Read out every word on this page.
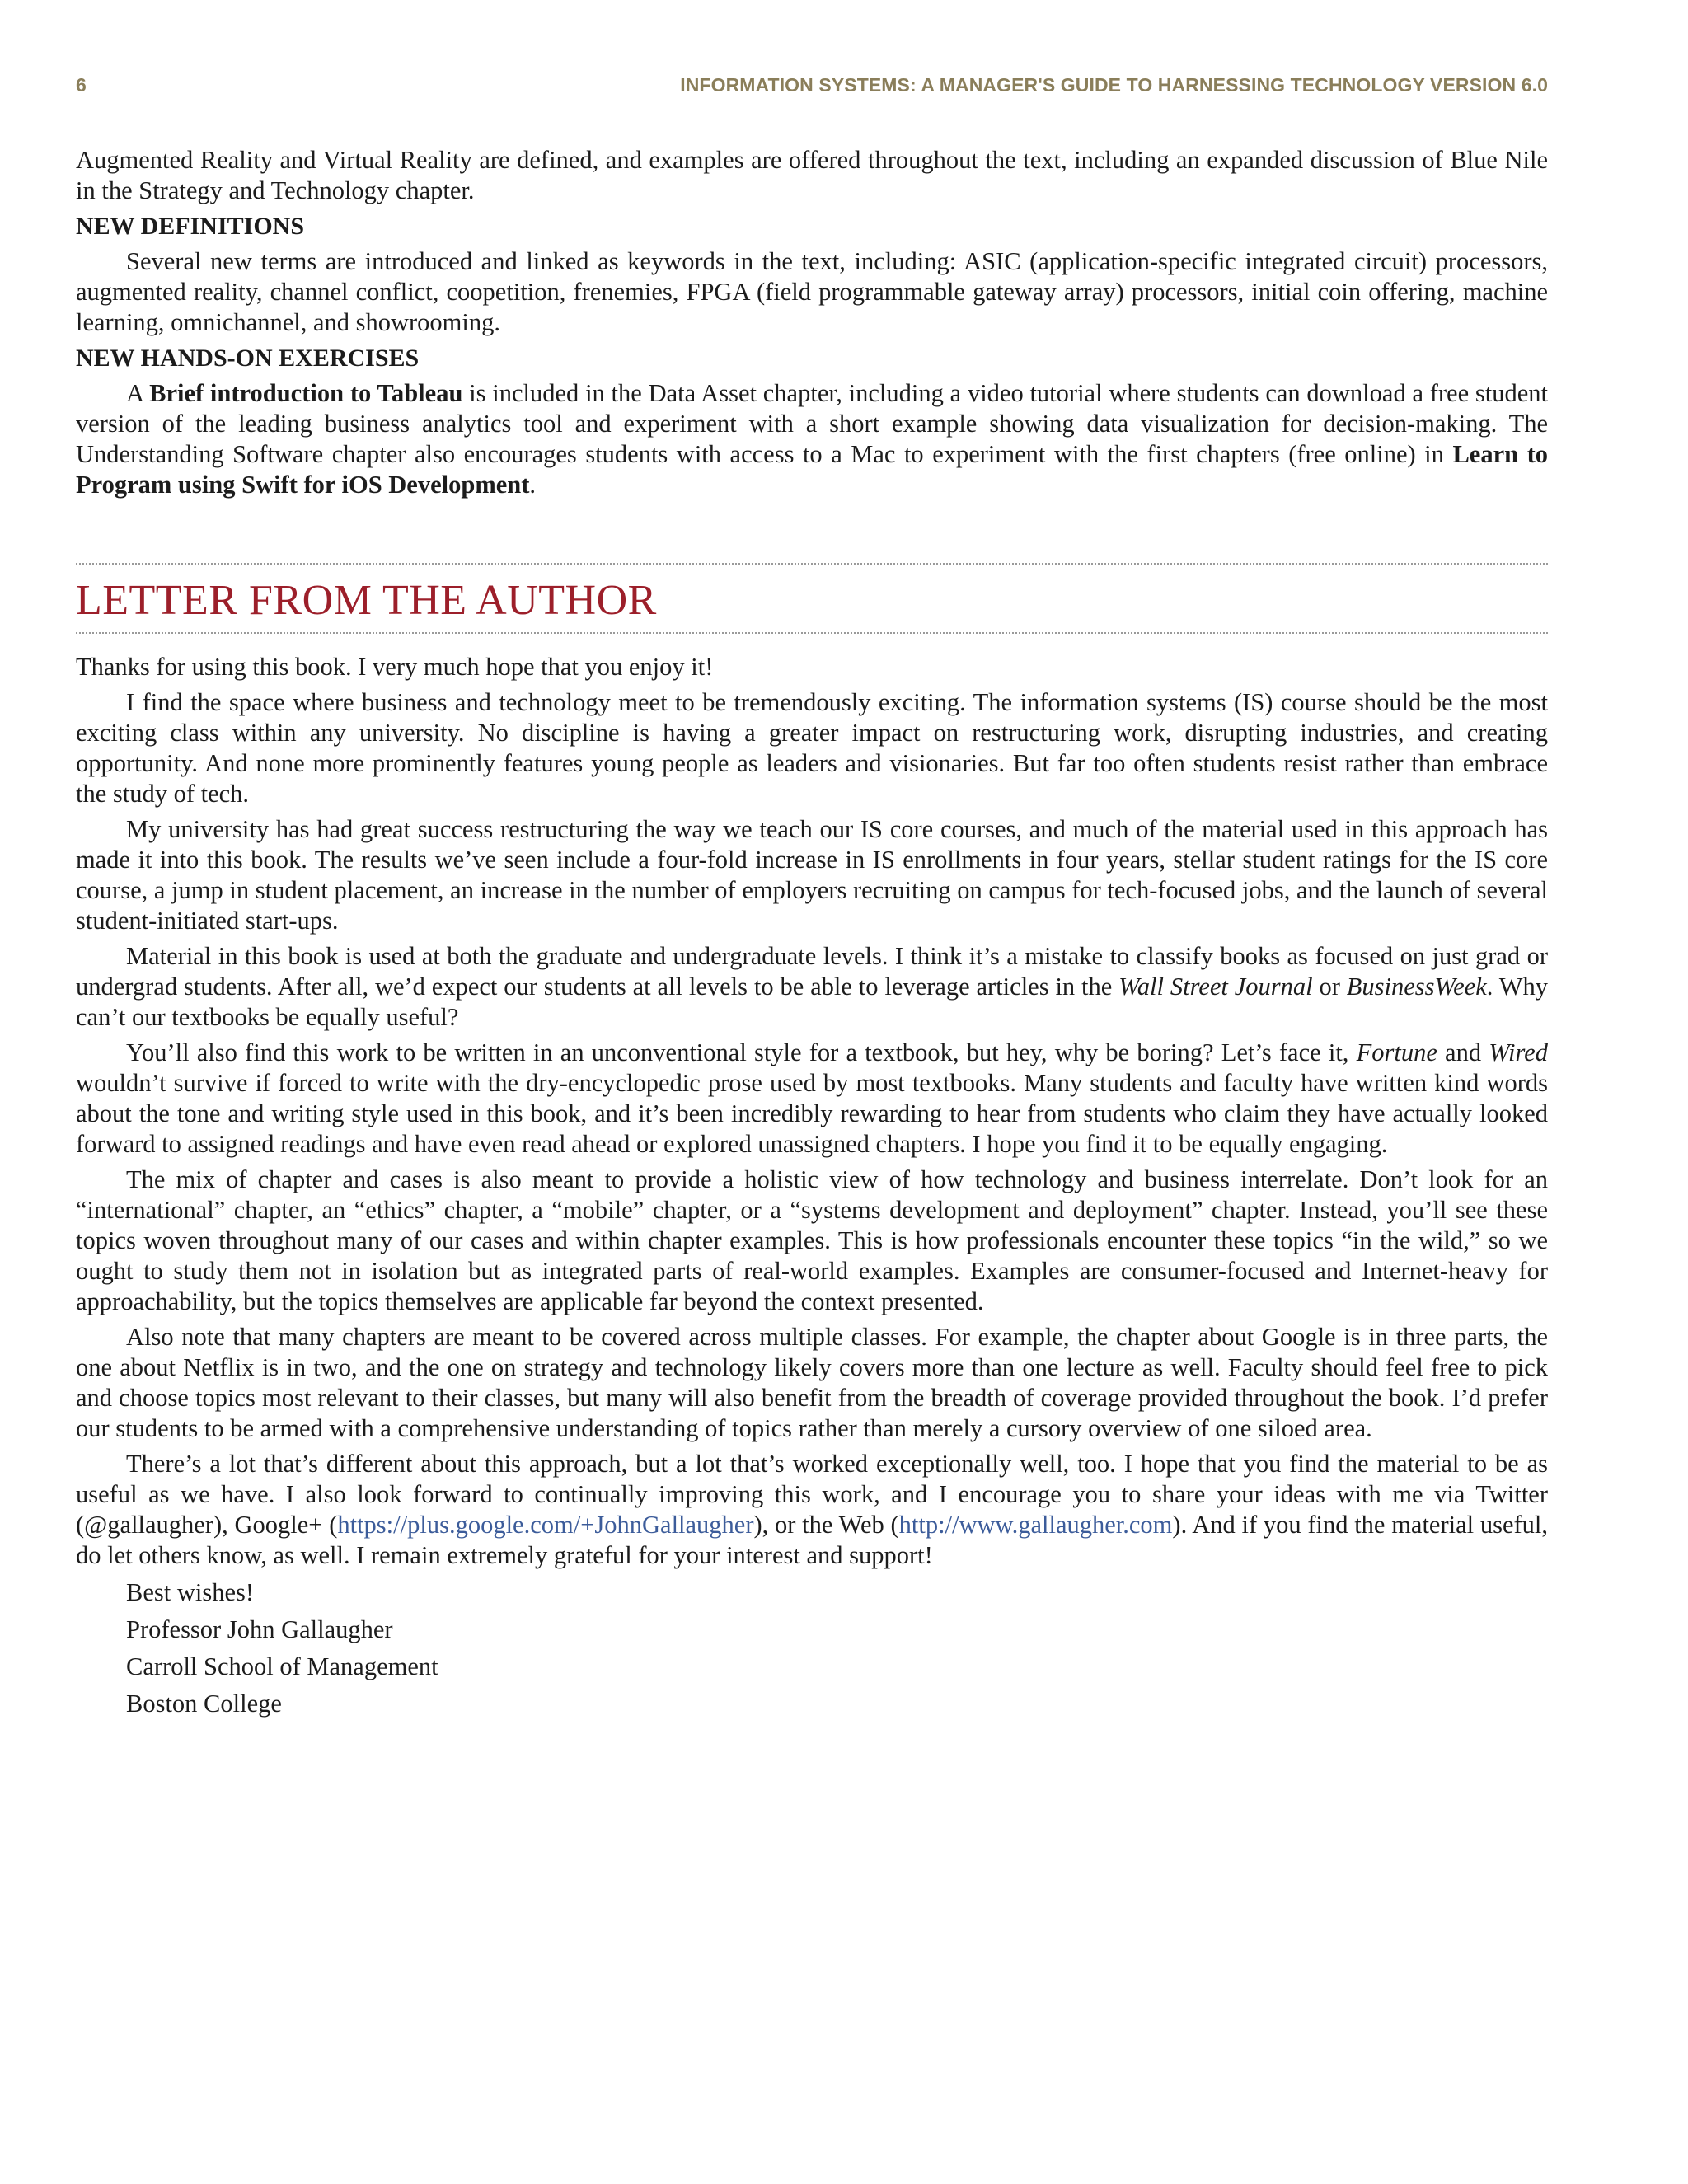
6	INFORMATION SYSTEMS: A MANAGER'S GUIDE TO HARNESSING TECHNOLOGY VERSION 6.0

Augmented Reality and Virtual Reality are defined, and examples are offered throughout the text, including an expanded discussion of Blue Nile in the Strategy and Technology chapter.

NEW DEFINITIONS

Several new terms are introduced and linked as keywords in the text, including: ASIC (application-specific integrated circuit) processors, augmented reality, channel conflict, coopetition, frenemies, FPGA (field programmable gateway array) processors, initial coin offering, machine learning, omnichannel, and showrooming.

NEW HANDS-ON EXERCISES

A Brief introduction to Tableau is included in the Data Asset chapter, including a video tutorial where students can download a free student version of the leading business analytics tool and experiment with a short example showing data visualization for decision-making. The Understanding Software chapter also encourages students with access to a Mac to experiment with the first chapters (free online) in Learn to Program using Swift for iOS Development.

LETTER FROM THE AUTHOR

Thanks for using this book. I very much hope that you enjoy it!

I find the space where business and technology meet to be tremendously exciting. The information systems (IS) course should be the most exciting class within any university. No discipline is having a greater impact on restructuring work, disrupting industries, and creating opportunity. And none more prominently features young people as leaders and visionaries. But far too often students resist rather than embrace the study of tech.

My university has had great success restructuring the way we teach our IS core courses, and much of the material used in this approach has made it into this book. The results we’ve seen include a four-fold increase in IS enrollments in four years, stellar student ratings for the IS core course, a jump in student placement, an increase in the number of employers recruiting on campus for tech-focused jobs, and the launch of several student-initiated start-ups.

Material in this book is used at both the graduate and undergraduate levels. I think it’s a mistake to classify books as focused on just grad or undergrad students. After all, we’d expect our students at all levels to be able to leverage articles in the Wall Street Journal or BusinessWeek. Why can’t our textbooks be equally useful?

You’ll also find this work to be written in an unconventional style for a textbook, but hey, why be boring? Let’s face it, Fortune and Wired wouldn’t survive if forced to write with the dry-encyclopedic prose used by most textbooks. Many students and faculty have written kind words about the tone and writing style used in this book, and it’s been incredibly rewarding to hear from students who claim they have actually looked forward to assigned readings and have even read ahead or explored unassigned chapters. I hope you find it to be equally engaging.

The mix of chapter and cases is also meant to provide a holistic view of how technology and business interrelate. Don’t look for an “international” chapter, an “ethics” chapter, a “mobile” chapter, or a “systems development and deployment” chapter. Instead, you’ll see these topics woven throughout many of our cases and within chapter examples. This is how professionals encounter these topics “in the wild,” so we ought to study them not in isolation but as integrated parts of real-world examples. Examples are consumer-focused and Internet-heavy for approachability, but the topics themselves are applicable far beyond the context presented.

Also note that many chapters are meant to be covered across multiple classes. For example, the chapter about Google is in three parts, the one about Netflix is in two, and the one on strategy and technology likely covers more than one lecture as well. Faculty should feel free to pick and choose topics most relevant to their classes, but many will also benefit from the breadth of coverage provided throughout the book. I’d prefer our students to be armed with a comprehensive understanding of topics rather than merely a cursory overview of one siloed area.

There’s a lot that’s different about this approach, but a lot that’s worked exceptionally well, too. I hope that you find the material to be as useful as we have. I also look forward to continually improving this work, and I encourage you to share your ideas with me via Twitter (@gallaugher), Google+ (https://plus.google.com/+JohnGallaugher), or the Web (http://www.gallaugher.com). And if you find the material useful, do let others know, as well. I remain extremely grateful for your interest and support!

Best wishes!

Professor John Gallaugher

Carroll School of Management

Boston College
